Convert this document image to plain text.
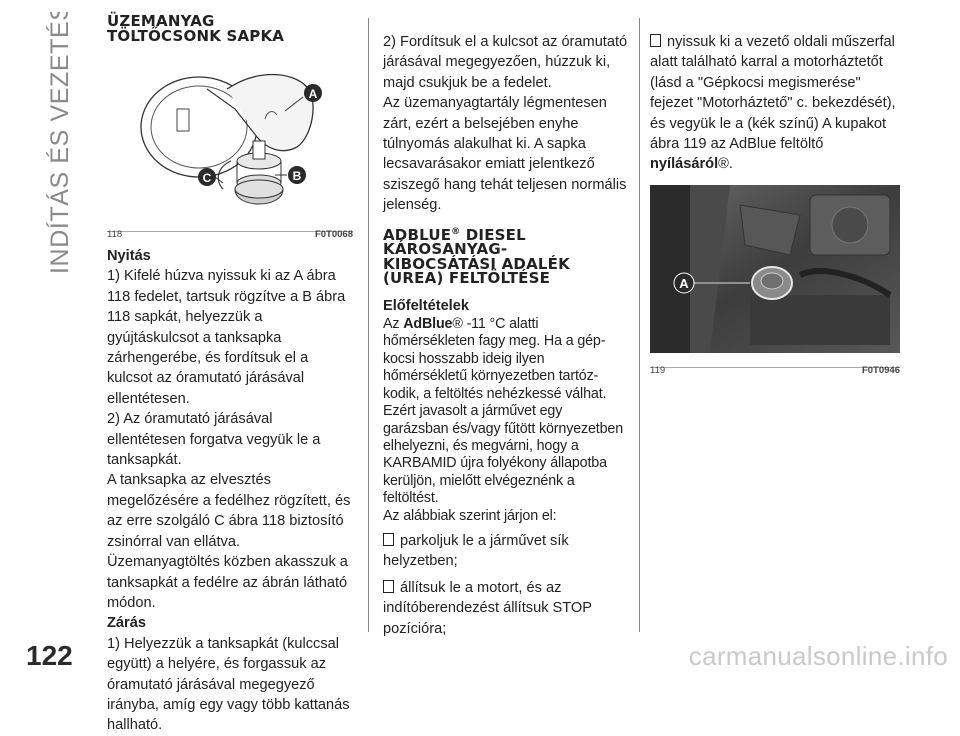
INDÍTÁS ÉS VEZETÉS
122
ÜZEMANYAG
TÖLTŐCSONK SAPKA
A
B
C
118	F0T0068

Nyitás

1) Kifelé húzva nyissuk ki az A ábra 118 fedelet, tartsuk rögzítve a B ábra 118 sapkát, helyezzük a gyújtáskulcsot a tanksapka zárhengerébe, és fordítsuk el a kulcsot az óramutató járásával ellentétesen.

2) Az óramutató járásával ellentétesen forgatva vegyük le a tanksapkát.

A tanksapka az elvesztés megelőzésére a fedélhez rögzített, és az erre szolgáló C ábra 118 biztosító zsinórral van ellátva. Üzemanyagtöltés közben akasszuk a tanksapkát a fedélre az ábrán látható módon.

Zárás

1) Helyezzük a tanksapkát (kulccsal együtt) a helyére, és forgassuk az óramutató járásával megegyező irányba, amíg egy vagy több kattanás hallható.

2) Fordítsuk el a kulcsot az óramutató járásával megegyezően, húzzuk ki, majd csukjuk be a fedelet.

Az üzemanyagtartály légmentesen zárt, ezért a belsejében enyhe túlnyomás alakulhat ki. A sapka lecsavarásakor emiatt jelentkező sziszegő hang tehát teljesen normális jelenség.

ADBLUE® DIESEL
KÁROSANYAG-
KIBOCSÁTÁSI ADALÉK
(UREA) FELTÖLTÉSE

Előfeltételek

Az AdBlue® -11 °C alatti hőmérsékleten fagy meg. Ha a gép-kocsi hosszabb ideig ilyen hőmérsékletű környezetben tartóz-kodik, a feltöltés nehézkessé válhat. Ezért javasolt a járművet egy garázsban és/vagy fűtött környezetben elhelyezni, és megvárni, hogy a KARBAMID újra folyékony állapotba kerüljön, mielőtt elvégeznénk a feltöltést.

Az alábbiak szerint járjon el:

parkoljuk le a járművet sík helyzetben;

állítsuk le a motort, és az indítóberendezést állítsuk STOP pozícióra;

nyissuk ki a vezető oldali műszerfal alatt található karral a motorháztetőt (lásd a "Gépkocsi megismerése" fejezet "Motorháztető" c. bekezdését), és vegyük le a (kék színű) A kupakot ábra 119 az AdBlue feltöltő nyílásáról®.

A
119	F0T0946
carmanualsonline.info
